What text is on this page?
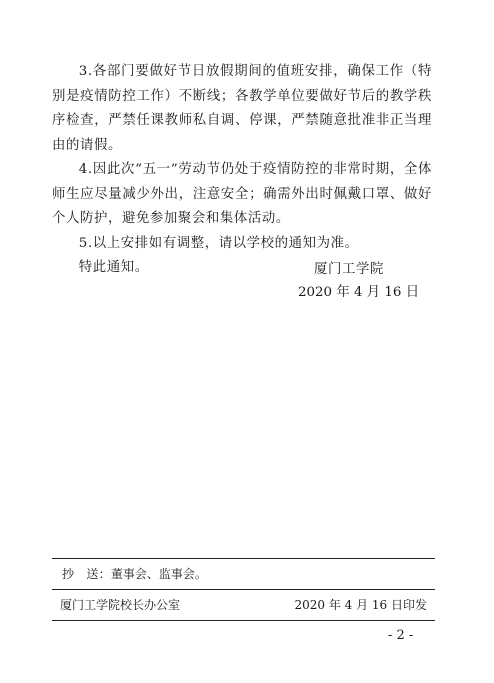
3.各部门要做好节日放假期间的值班安排，确保工作（特别是疫情防控工作）不断线；各教学单位要做好节后的教学秩序检查，严禁任课教师私自调、停课，严禁随意批准非正当理由的请假。

4.因此次“五一”劳动节仍处于疫情防控的非常时期，全体师生应尽量减少外出，注意安全；确需外出时佩戴口罩、做好个人防护，避免参加聚会和集体活动。

5.以上安排如有调整，请以学校的通知为准。

特此通知。	厦门工学院
2020 年 4 月 16 日
抄　送：董事会、监事会。
厦门工学院校长办公室	2020 年 4 月 16 日印发
- 2 -
